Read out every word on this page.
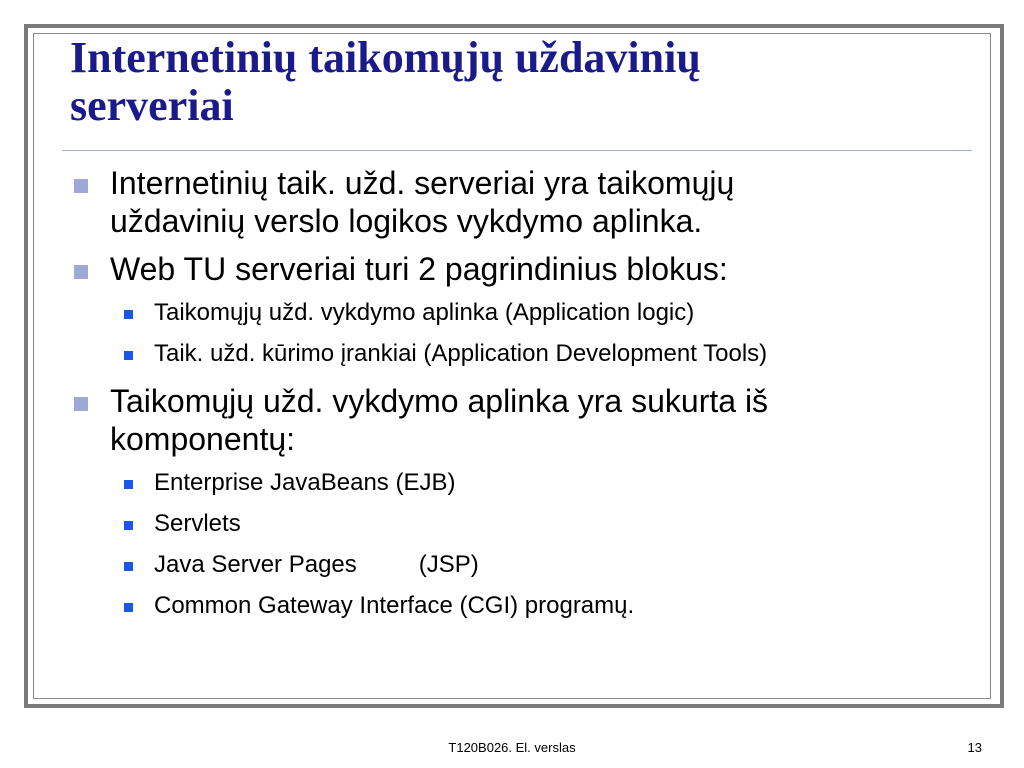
Internetinių taikomųjų uždavinių
serveriai
Internetinių taik. užd. serveriai yra taikomųjų
uždavinių verslo logikos vykdymo aplinka.
Web TU serveriai turi 2 pagrindinius blokus:
Taikomųjų užd. vykdymo aplinka (Application logic)
Taik. užd. kūrimo įrankiai (Application Development Tools)
Taikomųjų užd. vykdymo aplinka yra sukurta iš
komponentų:
Enterprise JavaBeans (EJB)
Servlets
Java Server Pages	(JSP)
Common Gateway Interface (CGI) programų.
T120B026. El. verslas	13
